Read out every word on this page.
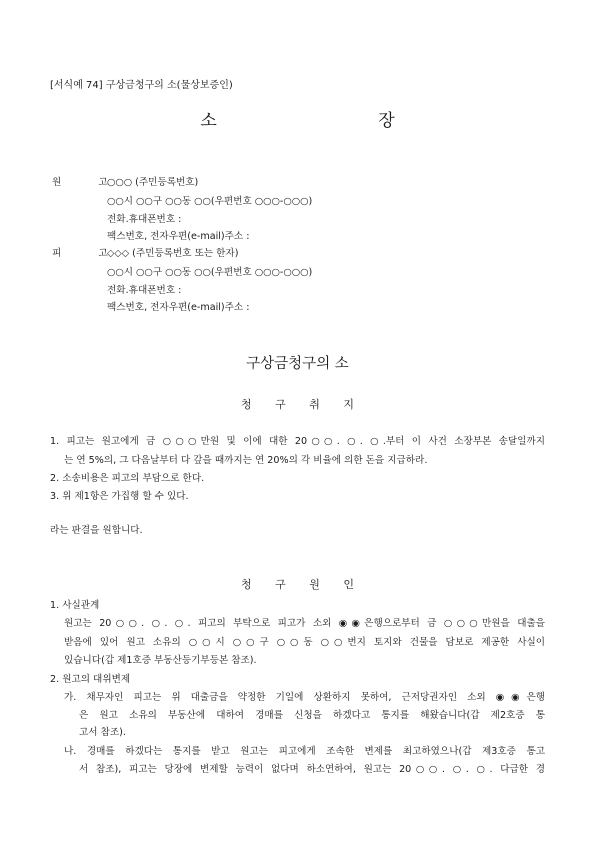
[서식예 74] 구상금청구의 소(물상보증인)
소 장
원 고
○○○ (주민등록번호)
○○시 ○○구 ○○동 ○○(우편번호 ○○○-○○○)
전화․휴대폰번호 :
팩스번호, 전자우편(e-mail)주소 :
피 고
◇◇◇ (주민등록번호 또는 한자)
○○시 ○○구 ○○동 ○○(우편번호 ○○○-○○○)
전화․휴대폰번호 :
팩스번호, 전자우편(e-mail)주소 :
구상금청구의 소
청 구 취 지
1. 피고는 원고에게 금 ○○○만원 및 이에 대한 20○○. ○. ○.부터 이 사건 소장부본 송달일까지
는 연 5%의, 그 다음날부터 다 갚을 때까지는 연 20%의 각 비율에 의한 돈을 지급하라.
2. 소송비용은 피고의 부담으로 한다.
3. 위 제1항은 가집행 할 수 있다.
라는 판결을 원합니다.
청 구 원 인
1. 사실관계
원고는 20○○. ○. ○. 피고의 부탁으로 피고가 소외 ◉◉은행으로부터 금 ○○○만원을 대출을
받음에 있어 원고 소유의 ○○시 ○○구 ○○동 ○○번지 토지와 건물을 담보로 제공한 사실이
있습니다(갑 제1호증 부동산등기부등본 참조).
2. 원고의 대위변제
가. 채무자인 피고는 위 대출금을 약정한 기일에 상환하지 못하여, 근저당권자인 소외 ◉◉은행
은 원고 소유의 부동산에 대하여 경매를 신청을 하겠다고 통지를 해왔습니다(갑 제2호증 통
고서 참조).
나. 경매를 하겠다는 통지를 받고 원고는 피고에게 조속한 변제를 최고하였으나(갑 제3호증 통고
서 참조), 피고는 당장에 변제할 능력이 없다며 하소연하여, 원고는 20○○. ○. ○. 다급한 경
